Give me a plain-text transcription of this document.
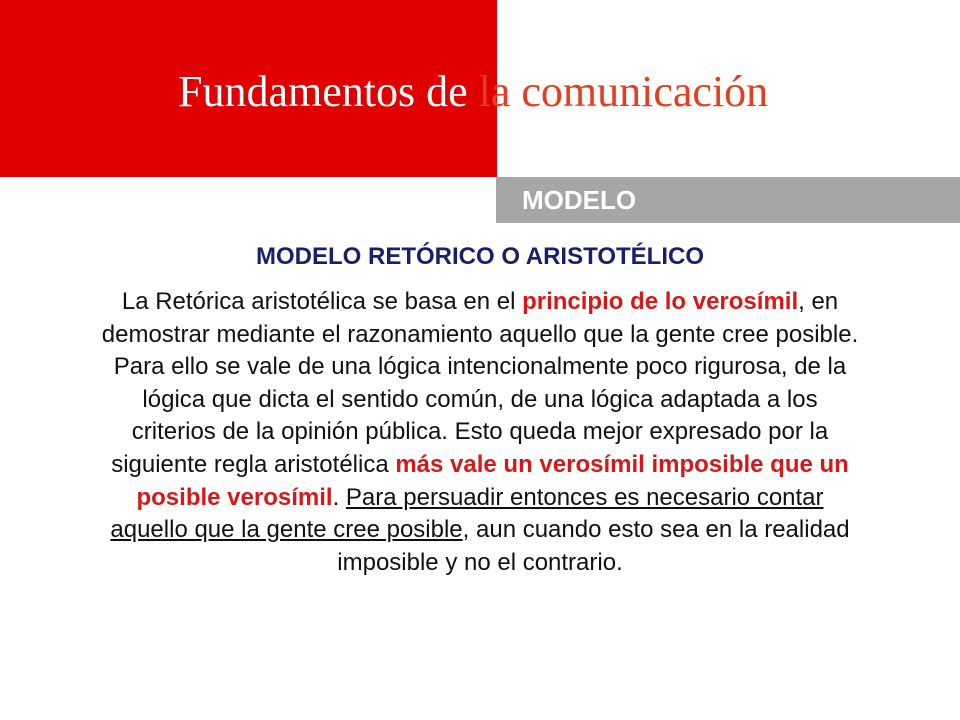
Fundamentos de la comunicación
MODELO
MODELO RETÓRICO O ARISTOTÉLICO

La Retórica aristotélica se basa en el principio de lo verosímil, en demostrar mediante el razonamiento aquello que la gente cree posible. Para ello se vale de una lógica intencionalmente poco rigurosa, de la lógica que dicta el sentido común, de una lógica adaptada a los criterios de la opinión pública. Esto queda mejor expresado por la siguiente regla aristotélica más vale un verosímil imposible que un posible verosímil. Para persuadir entonces es necesario contar aquello que la gente cree posible, aun cuando esto sea en la realidad imposible y no el contrario.
